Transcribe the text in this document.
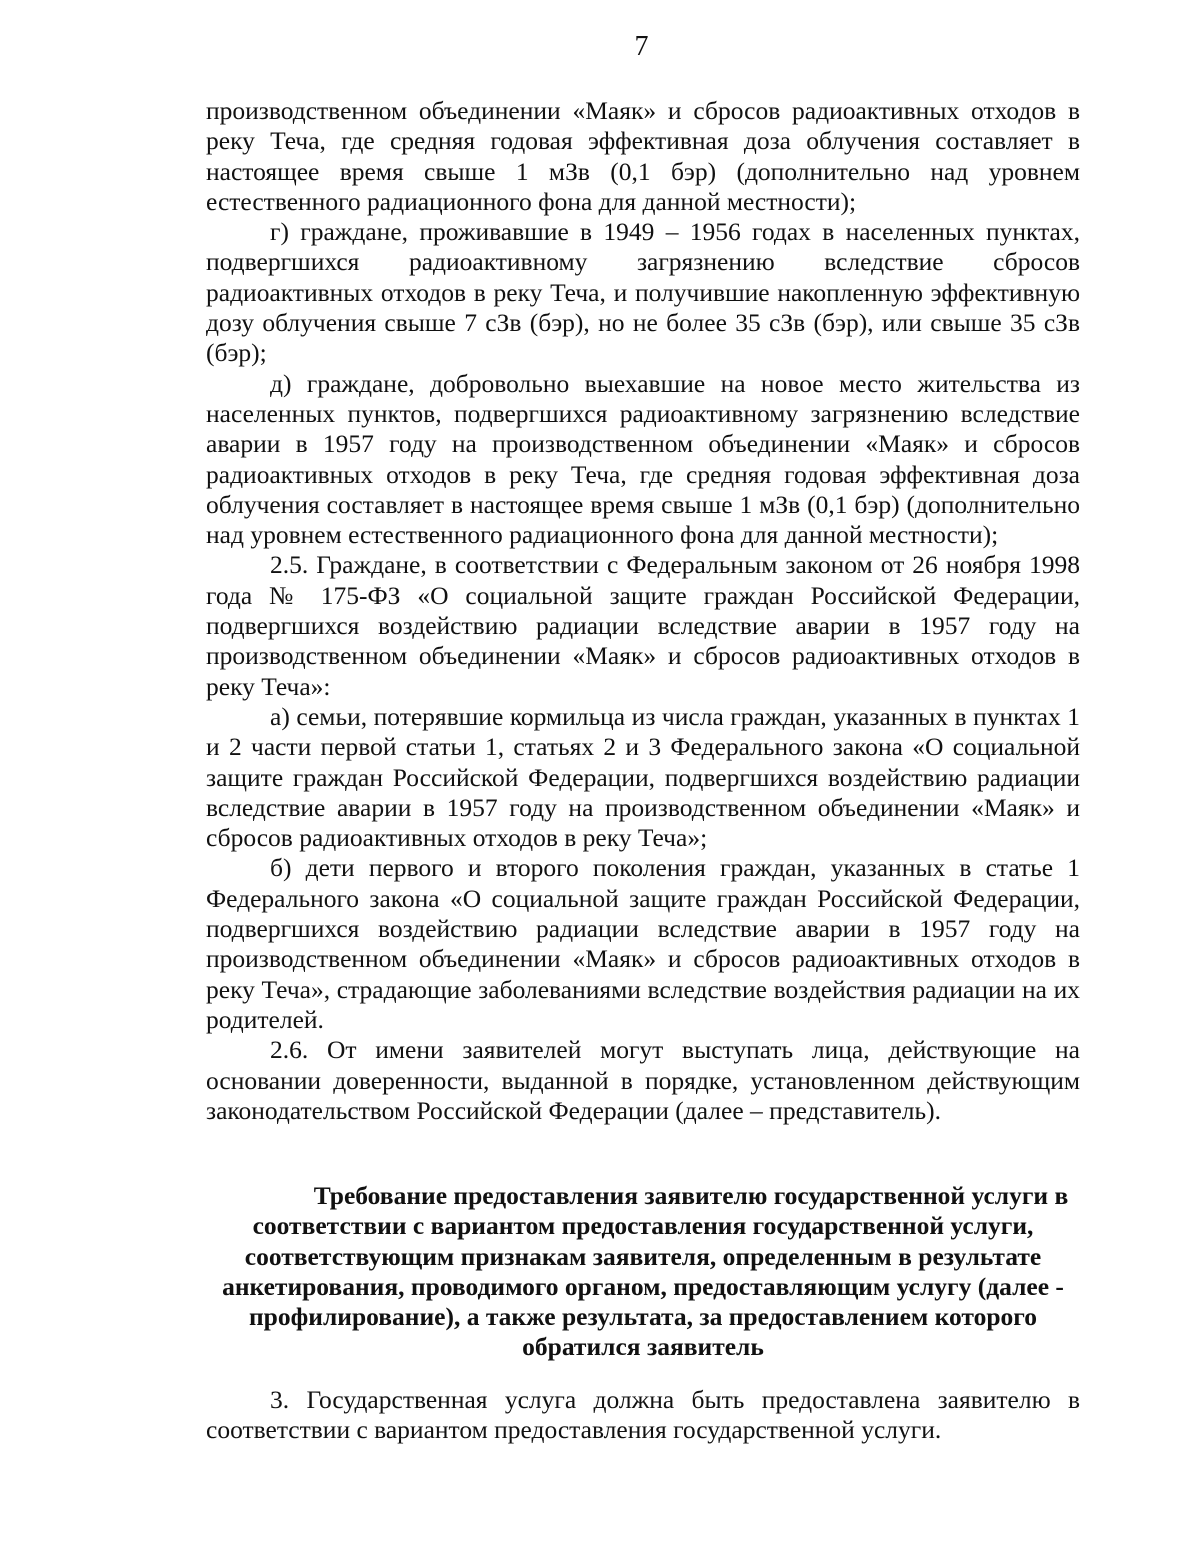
7

производственном объединении «Маяк» и сбросов радиоактивных отходов в реку Теча, где средняя годовая эффективная доза облучения составляет в настоящее время свыше 1 мЗв (0,1 бэр) (дополнительно над уровнем естественного радиационного фона для данной местности);

г) граждане, проживавшие в 1949 – 1956 годах в населенных пунктах, подвергшихся радиоактивному загрязнению вследствие сбросов радиоактивных отходов в реку Теча, и получившие накопленную эффективную дозу облучения свыше 7 сЗв (бэр), но не более 35 сЗв (бэр), или свыше 35 сЗв (бэр);

д) граждане, добровольно выехавшие на новое место жительства из населенных пунктов, подвергшихся радиоактивному загрязнению вследствие аварии в 1957 году на производственном объединении «Маяк» и сбросов радиоактивных отходов в реку Теча, где средняя годовая эффективная доза облучения составляет в настоящее время свыше 1 мЗв (0,1 бэр) (дополнительно над уровнем естественного радиационного фона для данной местности);

2.5. Граждане, в соответствии с Федеральным законом от 26 ноября 1998 года № 175-ФЗ «О социальной защите граждан Российской Федерации, подвергшихся воздействию радиации вследствие аварии в 1957 году на производственном объединении «Маяк» и сбросов радиоактивных отходов в реку Теча»:

а) семьи, потерявшие кормильца из числа граждан, указанных в пунктах 1 и 2 части первой статьи 1, статьях 2 и 3 Федерального закона «О социальной защите граждан Российской Федерации, подвергшихся воздействию радиации вследствие аварии в 1957 году на производственном объединении «Маяк» и сбросов радиоактивных отходов в реку Теча»;

б) дети первого и второго поколения граждан, указанных в статье 1 Федерального закона «О социальной защите граждан Российской Федерации, подвергшихся воздействию радиации вследствие аварии в 1957 году на производственном объединении «Маяк» и сбросов радиоактивных отходов в реку Теча», страдающие заболеваниями вследствие воздействия радиации на их родителей.

2.6. От имени заявителей могут выступать лица, действующие на основании доверенности, выданной в порядке, установленном действующим законодательством Российской Федерации (далее – представитель).

Требование предоставления заявителю государственной услуги в
соответствии с вариантом предоставления государственной услуги,
соответствующим признакам заявителя, определенным в результате
анкетирования, проводимого органом, предоставляющим услугу (далее -
профилирование), а также результата, за предоставлением которого
обратился заявитель

3. Государственная услуга должна быть предоставлена заявителю в соответствии с вариантом предоставления государственной услуги.
